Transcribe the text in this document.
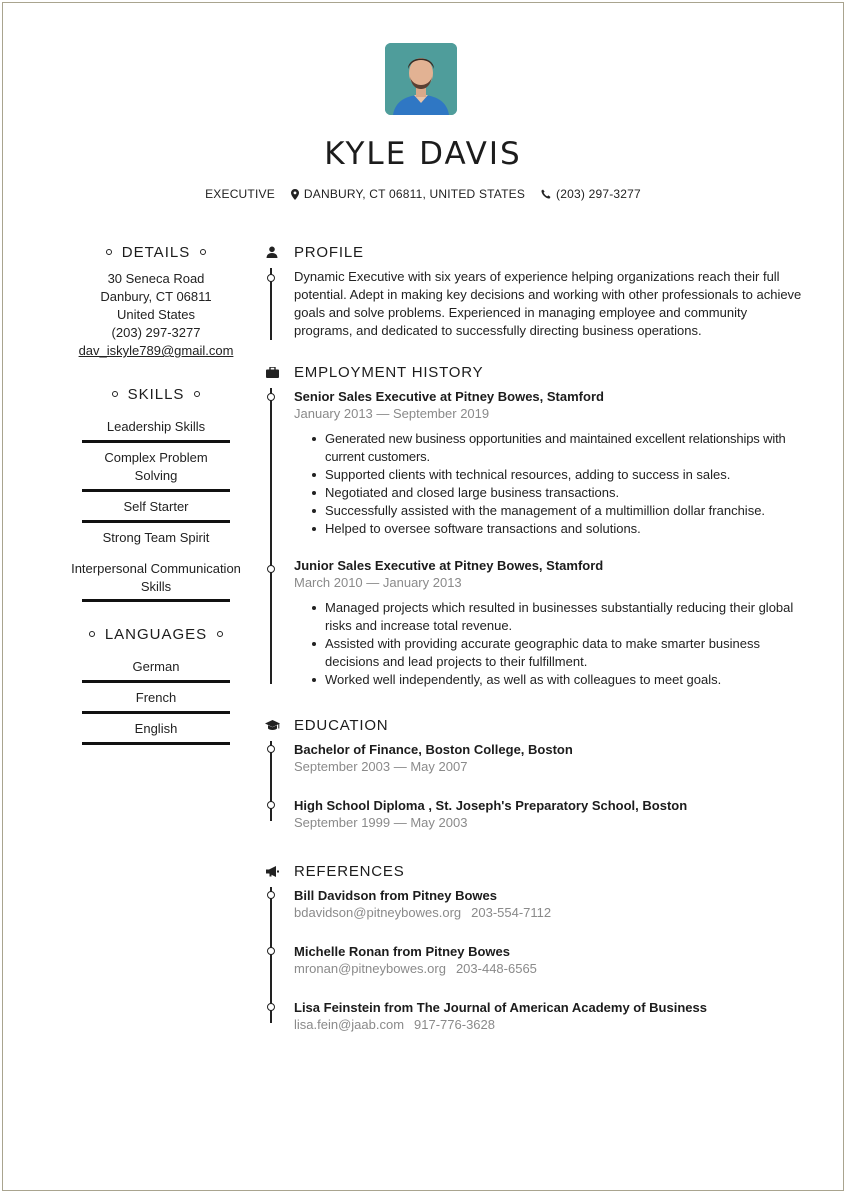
KYLE DAVIS
EXECUTIVE DANBURY, CT 06811, UNITED STATES	(203) 297-3277
DETAILS
30 Seneca Road
Danbury, CT 06811
United States
(203) 297-3277
dav_iskyle789@gmail.com
SKILLS
Leadership Skills
Complex Problem Solving
Self Starter
Strong Team Spirit
Interpersonal Communication Skills
LANGUAGES
German
French
English
PROFILE
Dynamic Executive with six years of experience helping organizations reach their full potential. Adept in making key decisions and working with other professionals to achieve goals and solve problems. Experienced in managing employee and community programs, and dedicated to successfully directing business operations.
EMPLOYMENT HISTORY
Senior Sales Executive at Pitney Bowes, Stamford
January 2013 — September 2019
Generated new business opportunities and maintained excellent relationships with current customers.
Supported clients with technical resources, adding to success in sales.
Negotiated and closed large business transactions.
Successfully assisted with the management of a multimillion dollar franchise.
Helped to oversee software transactions and solutions.
Junior Sales Executive at Pitney Bowes, Stamford
March 2010 — January 2013
Managed projects which resulted in businesses substantially reducing their global risks and increase total revenue.
Assisted with providing accurate geographic data to make smarter business decisions and lead projects to their fulfillment.
Worked well independently, as well as with colleagues to meet goals.
EDUCATION
Bachelor of Finance, Boston College, Boston
September 2003 — May 2007
High School Diploma , St. Joseph's Preparatory School, Boston
September 1999 — May 2003
REFERENCES
Bill Davidson from Pitney Bowes
bdavidson@pitneybowes.org 203-554-7112
Michelle Ronan from Pitney Bowes
mronan@pitneybowes.org 203-448-6565
Lisa Feinstein from The Journal of American Academy of Business
lisa.fein@jaab.com 917-776-3628
